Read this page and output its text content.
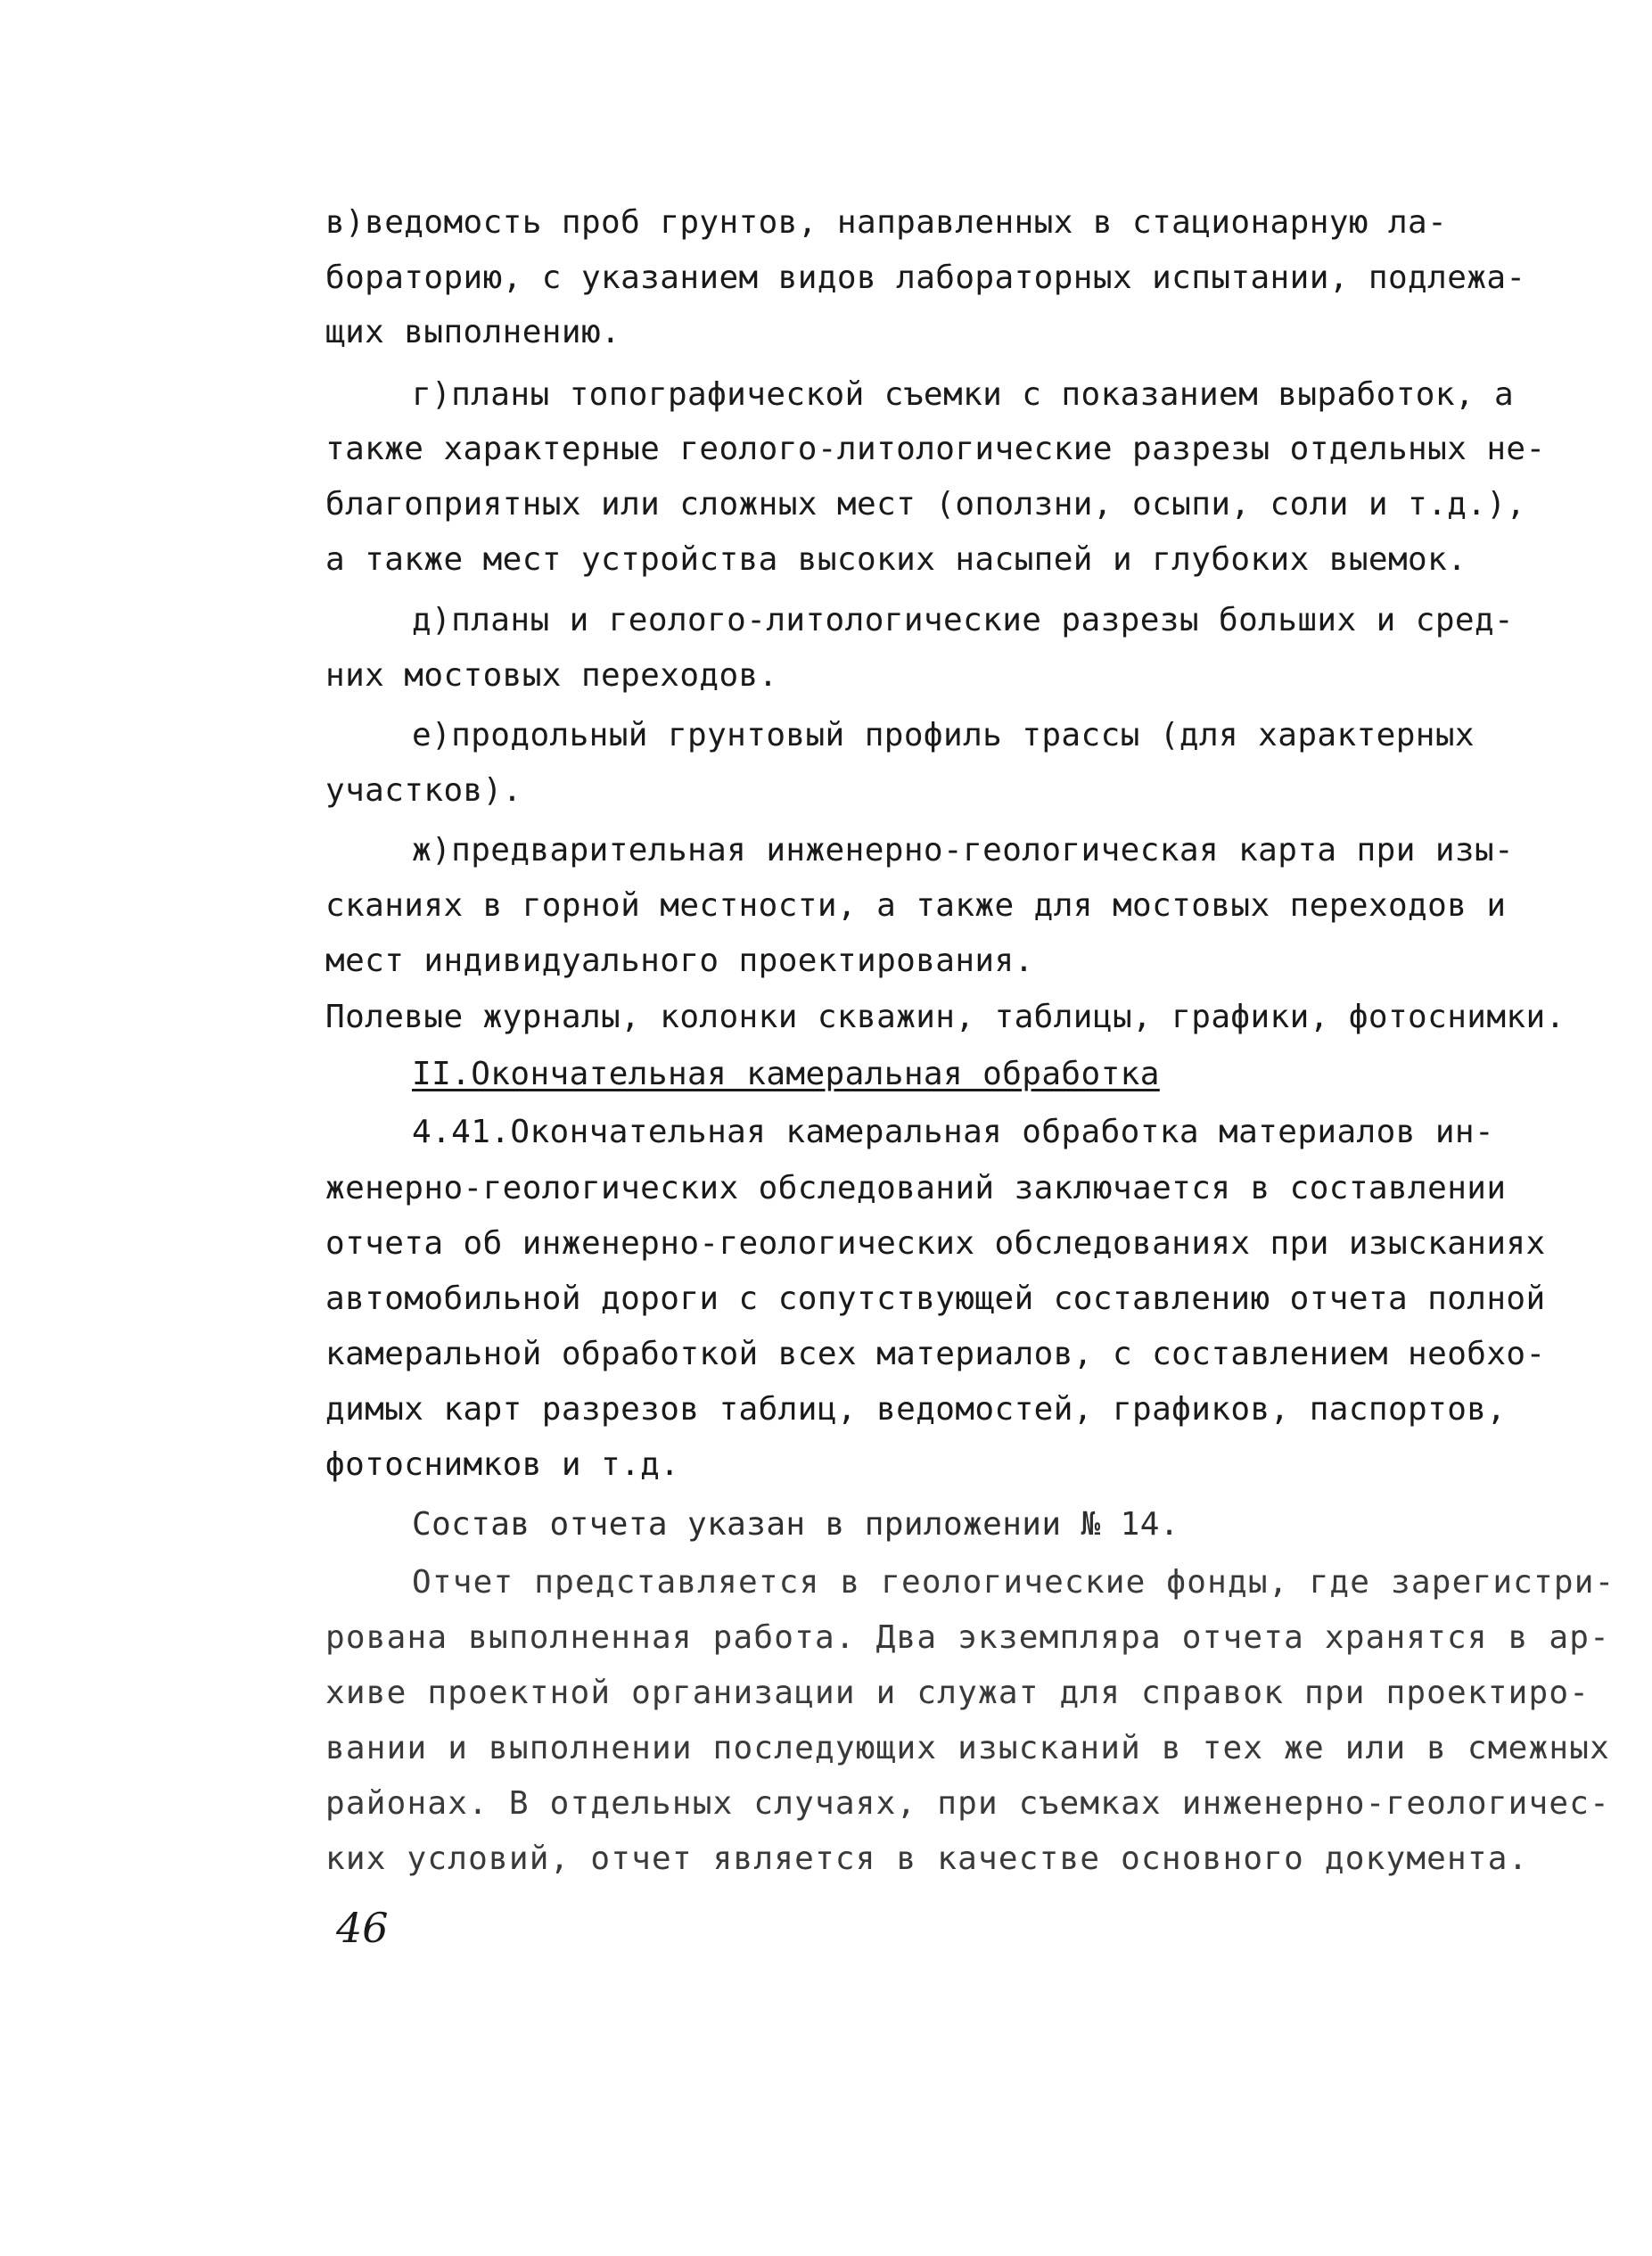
в)ведомость проб грунтов, направленных в стационарную ла-
бораторию, с указанием видов лабораторных испытании, подлежа-
щих выполнению.
г)планы топографической съемки с показанием выработок, а
также характерные геолого-литологические разрезы отдельных не-
благоприятных или сложных мест (оползни, осыпи, соли и т.д.),
а также мест устройства высоких насыпей и глубоких выемок.
д)планы и геолого-литологические разрезы больших и сред-
них мостовых переходов.
е)продольный грунтовый профиль трассы (для характерных
участков).
ж)предварительная инженерно-геологическая карта при изы-
сканиях в горной местности, а также для мостовых переходов и
мест индивидуального проектирования.
Полевые журналы, колонки скважин, таблицы, графики, фотоснимки.
II.Окончательная камеральная обработка
4.41.Окончательная камеральная обработка материалов ин-
женерно-геологических обследований заключается в составлении
отчета об инженерно-геологических обследованиях при изысканиях
автомобильной дороги с сопутствующей составлению отчета полной
камеральной обработкой всех материалов, с составлением необхо-
димых карт разрезов таблиц, ведомостей, графиков, паспортов,
фотоснимков и т.д.
Состав отчета указан в приложении № 14.
Отчет представляется в геологические фонды, где зарегистри-
рована выполненная работа. Два экземпляра отчета хранятся в ар-
хиве проектной организации и служат для справок при проектиро-
вании и выполнении последующих изысканий в тех же или в смежных
районах. В отдельных случаях, при съемках инженерно-геологичес-
ких условий, отчет является в качестве основного документа.
46
